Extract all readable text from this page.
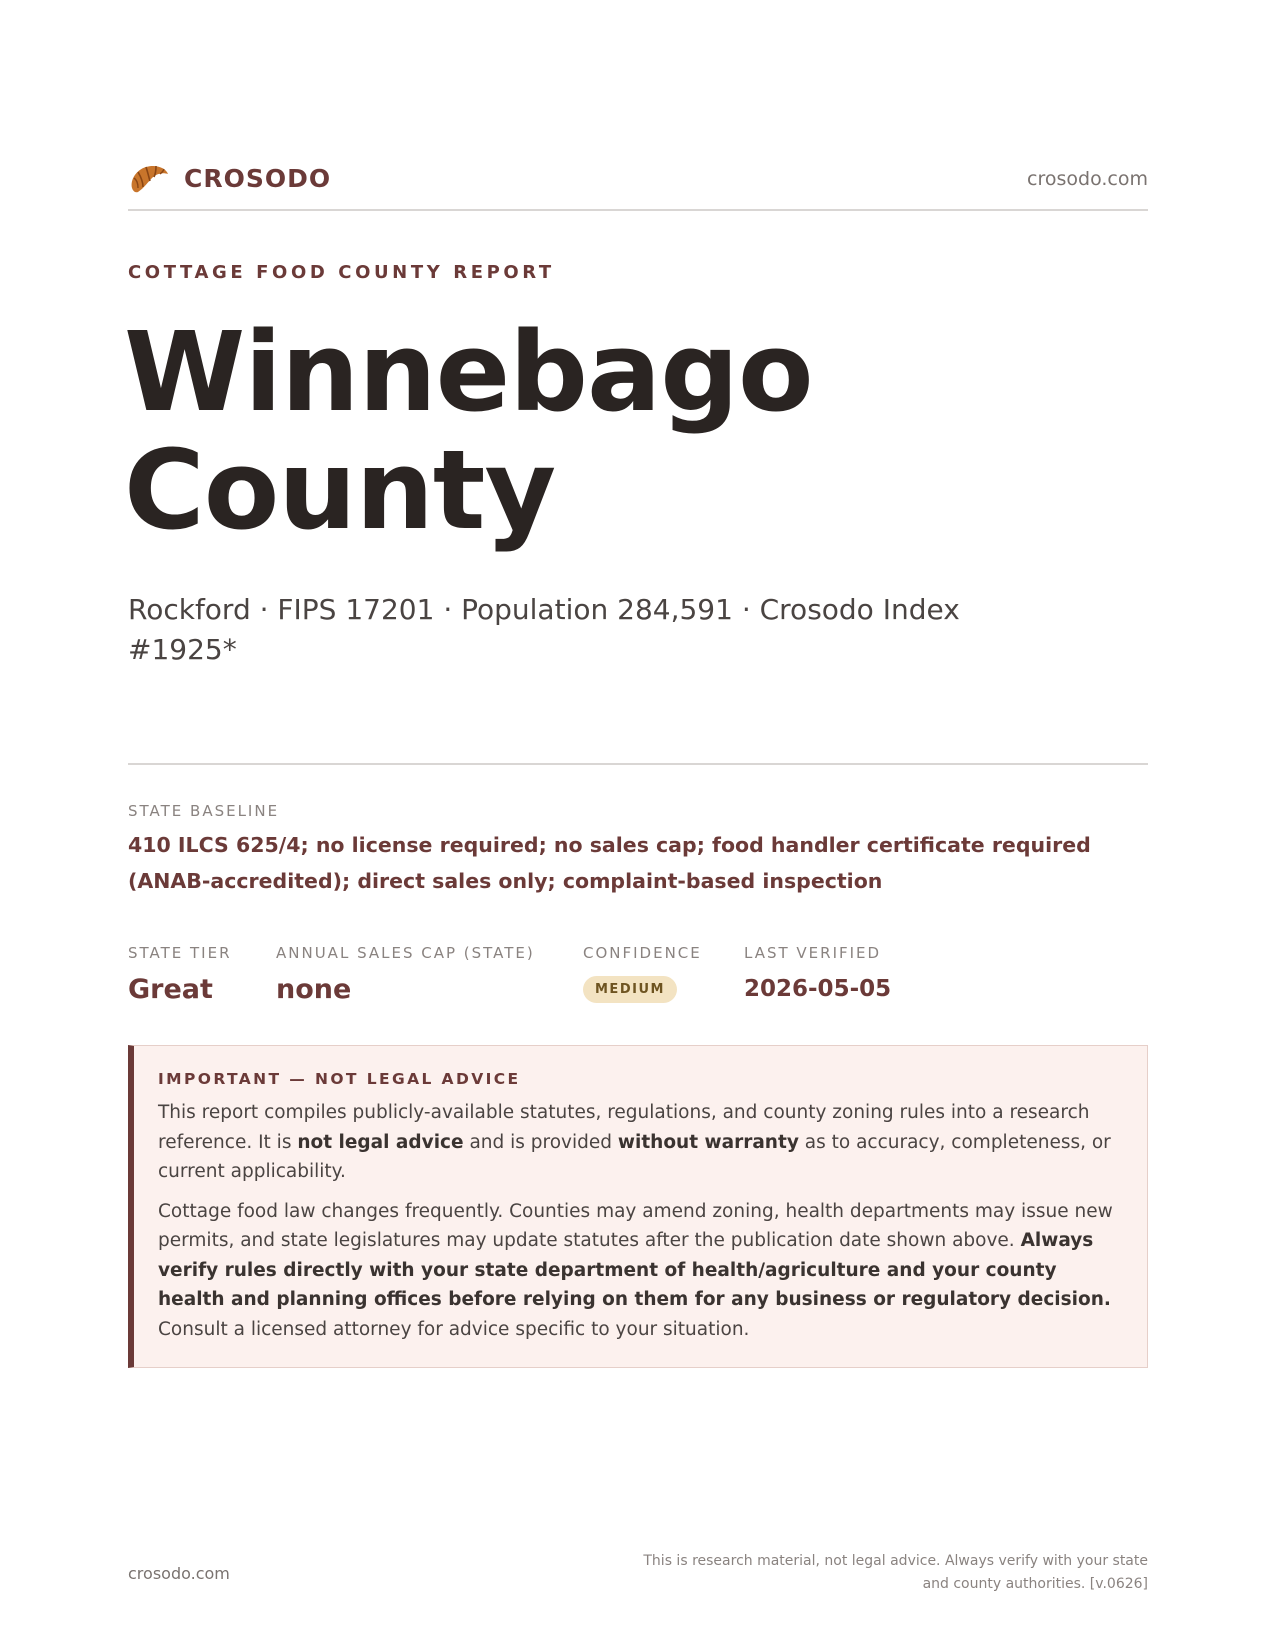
CROSODO	crosodo.com
COTTAGE FOOD COUNTY REPORT
Winnebago
County
Rockford · FIPS 17201 · Population 284,591 · Crosodo Index #1925*
STATE BASELINE
410 ILCS 625/4; no license required; no sales cap; food handler certificate required (ANAB-accredited); direct sales only; complaint-based inspection
STATE TIER
Great
ANNUAL SALES CAP (STATE)
none
CONFIDENCE
MEDIUM
LAST VERIFIED
2026-05-05
IMPORTANT — NOT LEGAL ADVICE

This report compiles publicly-available statutes, regulations, and county zoning rules into a research reference. It is not legal advice and is provided without warranty as to accuracy, completeness, or current applicability.

Cottage food law changes frequently. Counties may amend zoning, health departments may issue new permits, and state legislatures may update statutes after the publication date shown above. Always verify rules directly with your state department of health/agriculture and your county health and planning offices before relying on them for any business or regulatory decision. Consult a licensed attorney for advice specific to your situation.

crosodo.com
This is research material, not legal advice. Always verify with your state and county authorities. [v.0626]
